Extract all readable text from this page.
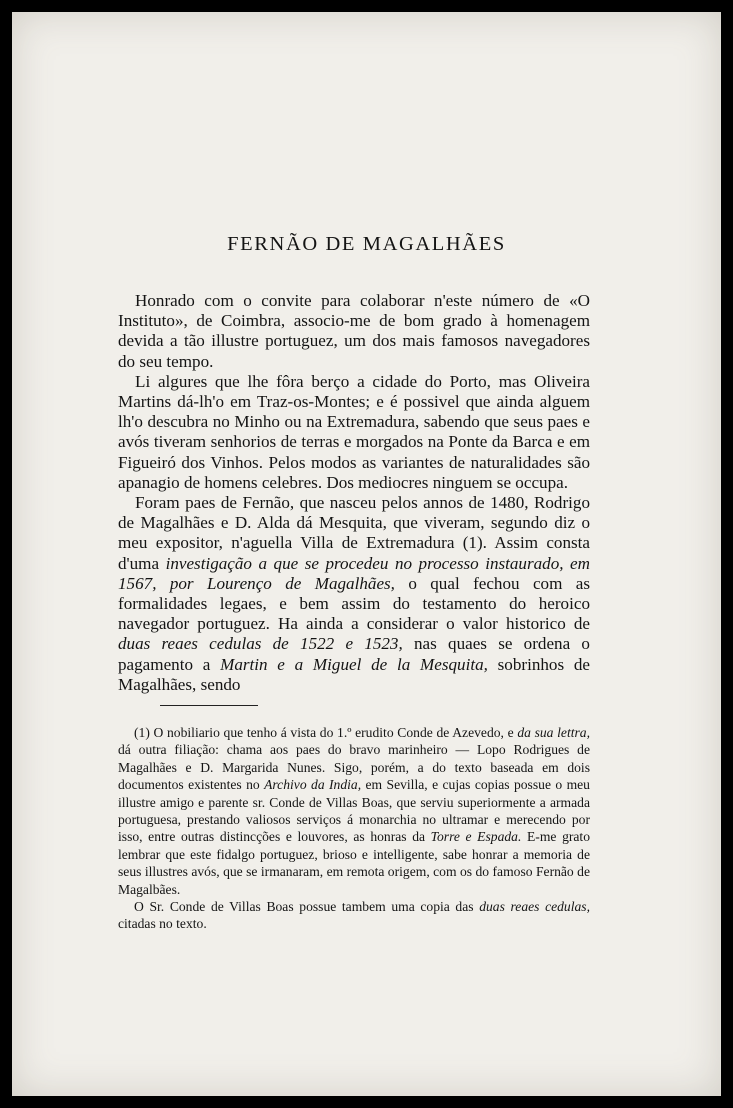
FERNÃO DE MAGALHÃES

Honrado com o convite para colaborar n'este número de «O Instituto», de Coimbra, associo-me de bom grado à homenagem devida a tão illustre portuguez, um dos mais famosos navegadores do seu tempo.

Li algures que lhe fôra berço a cidade do Porto, mas Oliveira Martins dá-lh'o em Traz-os-Montes; e é possivel que ainda alguem lh'o descubra no Minho ou na Extremadura, sabendo que seus paes e avós tiveram senhorios de terras e morgados na Ponte da Barca e em Figueiró dos Vinhos. Pelos modos as variantes de naturalidades são apanagio de homens celebres. Dos mediocres ninguem se occupa.

Foram paes de Fernão, que nasceu pelos annos de 1480, Rodrigo de Magalhães e D. Alda dá Mesquita, que viveram, segundo diz o meu expositor, n'aguella Villa de Extremadura (1). Assim consta d'uma investigação a que se procedeu no processo instaurado, em 1567, por Lourenço de Magalhães, o qual fechou com as formalidades legaes, e bem assim do testamento do heroico navegador portuguez. Ha ainda a considerar o valor historico de duas reaes cedulas de 1522 e 1523, nas quaes se ordena o pagamento a Martin e a Miguel de la Mesquita, sobrinhos de Magalhães, sendo

(1) O nobiliario que tenho á vista do 1.º erudito Conde de Azevedo, e da sua lettra, dá outra filiação: chama aos paes do bravo marinheiro — Lopo Rodrigues de Magalhães e D. Margarida Nunes. Sigo, porém, a do texto baseada em dois documentos existentes no Archivo da India, em Sevilla, e cujas copias possue o meu illustre amigo e parente sr. Conde de Villas Boas, que serviu superiormente a armada portuguesa, prestando valiosos serviços á monarchia no ultramar e merecendo por isso, entre outras distincções e louvores, as honras da Torre e Espada. E-me grato lembrar que este fidalgo portuguez, brioso e intelligente, sabe honrar a memoria de seus illustres avós, que se irmanaram, em remota origem, com os do famoso Fernão de Magalbães.

O Sr. Conde de Villas Boas possue tambem uma copia das duas reaes cedulas, citadas no texto.
